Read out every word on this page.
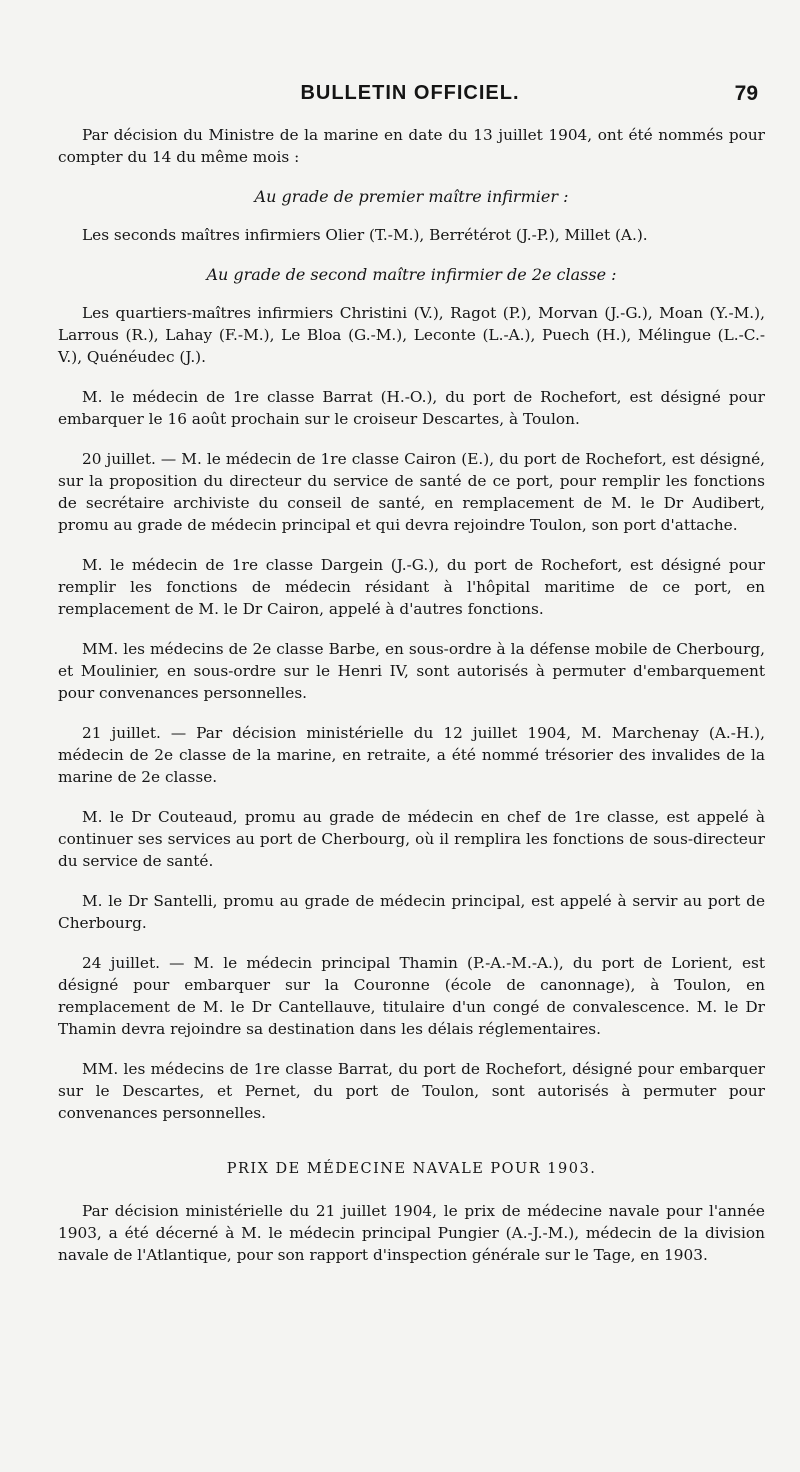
BULLETIN OFFICIEL.	79

Par décision du Ministre de la marine en date du 13 juillet 1904, ont été nommés pour compter du 14 du même mois :

Au grade de premier maître infirmier :

Les seconds maîtres infirmiers Olier (T.-M.), Berrétérot (J.-P.), Millet (A.).

Au grade de second maître infirmier de 2e classe :

Les quartiers-maîtres infirmiers Christini (V.), Ragot (P.), Morvan (J.-G.), Moan (Y.-M.), Larrous (R.), Lahay (F.-M.), Le Bloa (G.-M.), Leconte (L.-A.), Puech (H.), Mélingue (L.-C.-V.), Quénéudec (J.).

M. le médecin de 1re classe Barrat (H.-O.), du port de Rochefort, est désigné pour embarquer le 16 août prochain sur le croiseur Descartes, à Toulon.

20 juillet. — M. le médecin de 1re classe Cairon (E.), du port de Rochefort, est désigné, sur la proposition du directeur du service de santé de ce port, pour remplir les fonctions de secrétaire archiviste du conseil de santé, en remplacement de M. le Dr Audibert, promu au grade de médecin principal et qui devra rejoindre Toulon, son port d'attache.

M. le médecin de 1re classe Dargein (J.-G.), du port de Rochefort, est désigné pour remplir les fonctions de médecin résidant à l'hôpital maritime de ce port, en remplacement de M. le Dr Cairon, appelé à d'autres fonctions.

MM. les médecins de 2e classe Barbe, en sous-ordre à la défense mobile de Cherbourg, et Moulinier, en sous-ordre sur le Henri IV, sont autorisés à permuter d'embarquement pour convenances personnelles.

21 juillet. — Par décision ministérielle du 12 juillet 1904, M. Marchenay (A.-H.), médecin de 2e classe de la marine, en retraite, a été nommé trésorier des invalides de la marine de 2e classe.

M. le Dr Couteaud, promu au grade de médecin en chef de 1re classe, est appelé à continuer ses services au port de Cherbourg, où il remplira les fonctions de sous-directeur du service de santé.

M. le Dr Santelli, promu au grade de médecin principal, est appelé à servir au port de Cherbourg.

24 juillet. — M. le médecin principal Thamin (P.-A.-M.-A.), du port de Lorient, est désigné pour embarquer sur la Couronne (école de canonnage), à Toulon, en remplacement de M. le Dr Cantellauve, titulaire d'un congé de convalescence. M. le Dr Thamin devra rejoindre sa destination dans les délais réglementaires.

MM. les médecins de 1re classe Barrat, du port de Rochefort, désigné pour embarquer sur le Descartes, et Pernet, du port de Toulon, sont autorisés à permuter pour convenances personnelles.

PRIX DE MÉDECINE NAVALE POUR 1903.

Par décision ministérielle du 21 juillet 1904, le prix de médecine navale pour l'année 1903, a été décerné à M. le médecin principal Pungier (A.-J.-M.), médecin de la division navale de l'Atlantique, pour son rapport d'inspection générale sur le Tage, en 1903.
